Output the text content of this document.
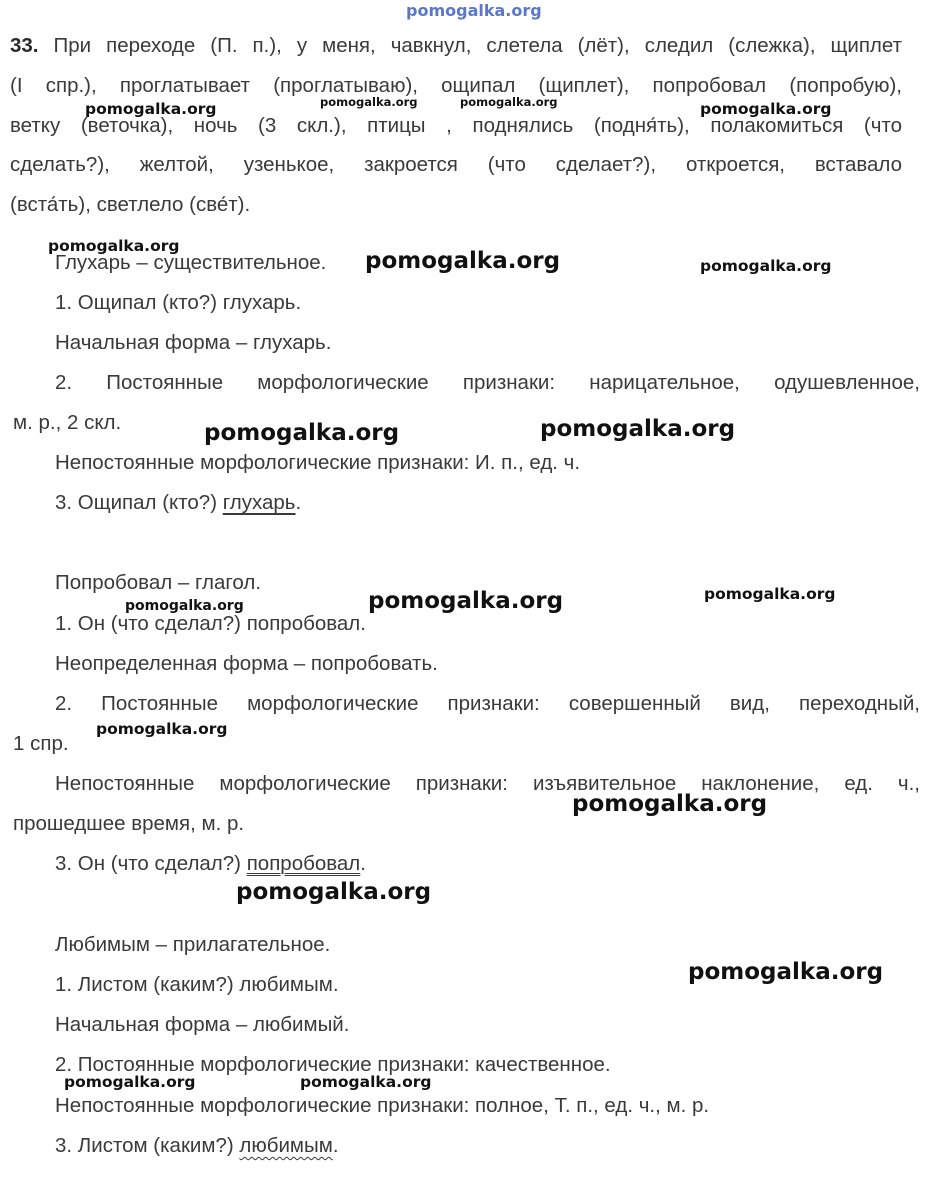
pomogalka.org
33. При переходе (П. п.), у меня, чавкнул, слетела (лёт), следил (слежка), щиплет
(I спр.), проглатывает (проглатываю), ощипал (щиплет), попробовал (попробую),
ветку (веточка), ночь (3 скл.), птицы , поднялись (подня́ть), полакомиться (что
сделать?), желтой, узенькое, закроется (что сделает?), откроется, вставало
(вста́ть), светлело (све́т).
Глухарь – существительное.
1. Ощипал (кто?) глухарь.
Начальная форма – глухарь.
2. Постоянные морфологические признаки: нарицательное, одушевленное,
м. р., 2 скл.
Непостоянные морфологические признаки: И. п., ед. ч.
3. Ощипал (кто?) глухарь.
Попробовал – глагол.
1. Он (что сделал?) попробовал.
Неопределенная форма – попробовать.
2. Постоянные морфологические признаки: совершенный вид, переходный,
1 спр.
Непостоянные морфологические признаки: изъявительное наклонение, ед. ч.,
прошедшее время, м. р.
3. Он (что сделал?) попробовал.
Любимым – прилагательное.
1. Листом (каким?) любимым.
Начальная форма – любимый.
2. Постоянные морфологические признаки: качественное.
Непостоянные морфологические признаки: полное, Т. п., ед. ч., м. р.
3. Листом (каким?) любимым.
pomogalka.org	pomogalka.org	pomogalka.org	pomogalka.org
pomogalka.org
pomogalka.org	pomogalka.org
pomogalka.org	pomogalka.org
pomogalka.org
pomogalka.org
pomogalka.org
pomogalka.org
pomogalka.org
pomogalka.org
pomogalka.org
pomogalka.org	pomogalka.org
